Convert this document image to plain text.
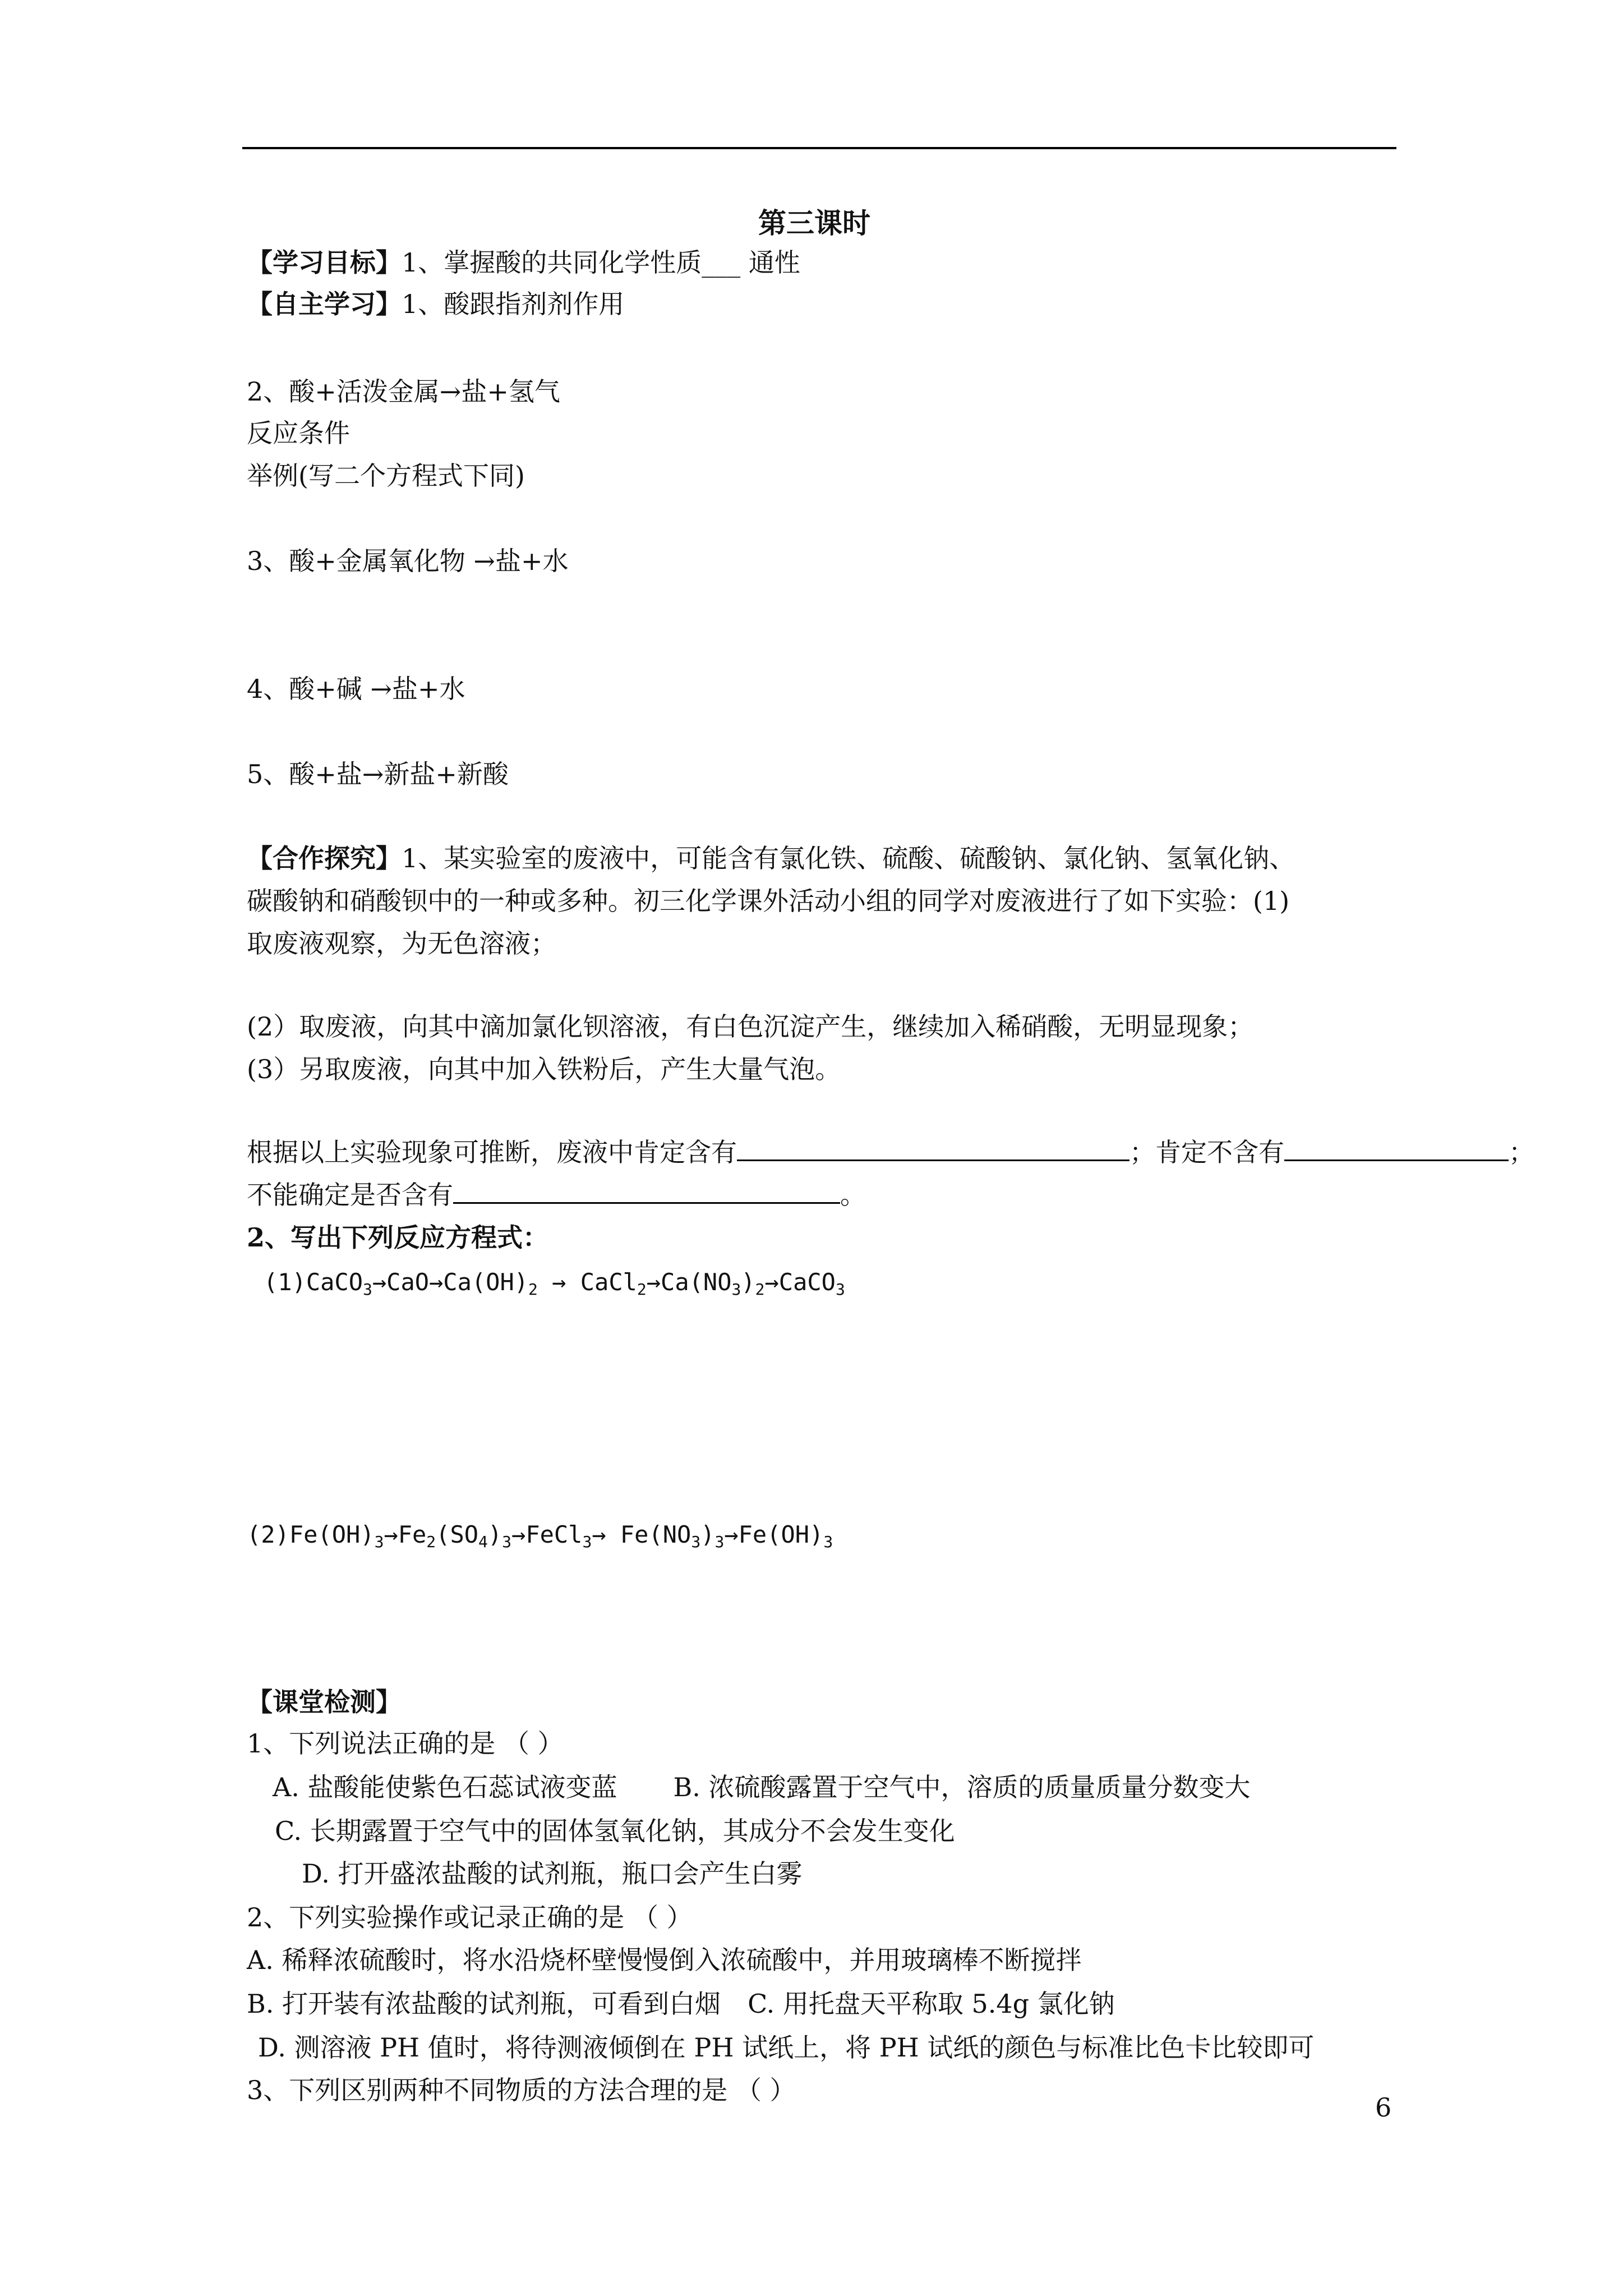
第三课时
【学习目标】1、掌握酸的共同化学性质___ 通性
【自主学习】1、酸跟指剂剂作用
2、酸+活泼金属→盐+氢气
反应条件
举例(写二个方程式下同)
3、酸+金属氧化物 →盐+水
4、酸+碱 →盐+水
5、酸+盐→新盐+新酸
【合作探究】1、某实验室的废液中，可能含有氯化铁、硫酸、硫酸钠、氯化钠、氢氧化钠、
碳酸钠和硝酸钡中的一种或多种。初三化学课外活动小组的同学对废液进行了如下实验：(1)
取废液观察，为无色溶液；
(2）取废液，向其中滴加氯化钡溶液，有白色沉淀产生，继续加入稀硝酸，无明显现象；
(3）另取废液，向其中加入铁粉后，产生大量气泡。
根据以上实验现象可推断，废液中肯定含有	；肯定不含有	；
不能确定是否含有	。
2、写出下列反应方程式：
$(1)CaCO_3\to CaO\to Ca(OH)_2$ → $CaCl_2\to Ca(NO_3)_2\to CaCO_3$
$(2)Fe(OH)_3\to Fe_2(SO_4)_3\to FeCl_3\to Fe(NO_3)_3\to Fe(OH)_3$
【课堂检测】
1、下列说法正确的是 （ ）
A. 盐酸能使紫色石蕊试液变蓝 B. 浓硫酸露置于空气中，溶质的质量质量分数变大
C. 长期露置于空气中的固体氢氧化钠，其成分不会发生变化
D. 打开盛浓盐酸的试剂瓶，瓶口会产生白雾
2、下列实验操作或记录正确的是 （ ）
A. 稀释浓硫酸时，将水沿烧杯壁慢慢倒入浓硫酸中，并用玻璃棒不断搅拌
B. 打开装有浓盐酸的试剂瓶，可看到白烟 C. 用托盘天平称取 5.4g 氯化钠
D. 测溶液 PH 值时，将待测液倾倒在 PH 试纸上，将 PH 试纸的颜色与标准比色卡比较即可
3、下列区别两种不同物质的方法合理的是 （ ）
6
